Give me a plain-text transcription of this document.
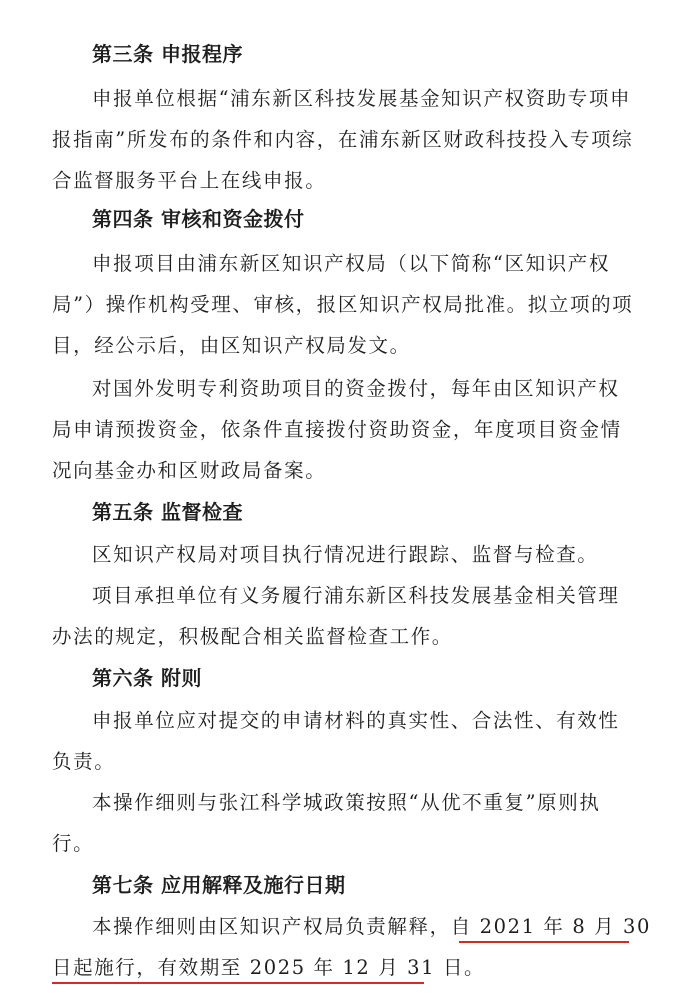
第三条 申报程序
申报单位根据“浦东新区科技发展基金知识产权资助专项申
报指南”所发布的条件和内容，在浦东新区财政科技投入专项综
合监督服务平台上在线申报。
第四条 审核和资金拨付
申报项目由浦东新区知识产权局（以下简称“区知识产权
局”）操作机构受理、审核，报区知识产权局批准。拟立项的项
目，经公示后，由区知识产权局发文。
对国外发明专利资助项目的资金拨付，每年由区知识产权
局申请预拨资金，依条件直接拨付资助资金，年度项目资金情
况向基金办和区财政局备案。
第五条 监督检查
区知识产权局对项目执行情况进行跟踪、监督与检查。
项目承担单位有义务履行浦东新区科技发展基金相关管理
办法的规定，积极配合相关监督检查工作。
第六条 附则
申报单位应对提交的申请材料的真实性、合法性、有效性
负责。
本操作细则与张江科学城政策按照“从优不重复”原则执
行。
第七条 应用解释及施行日期
本操作细则由区知识产权局负责解释，自 2021 年 8 月 30
日起施行，有效期至 2025 年 12 月 31 日。
